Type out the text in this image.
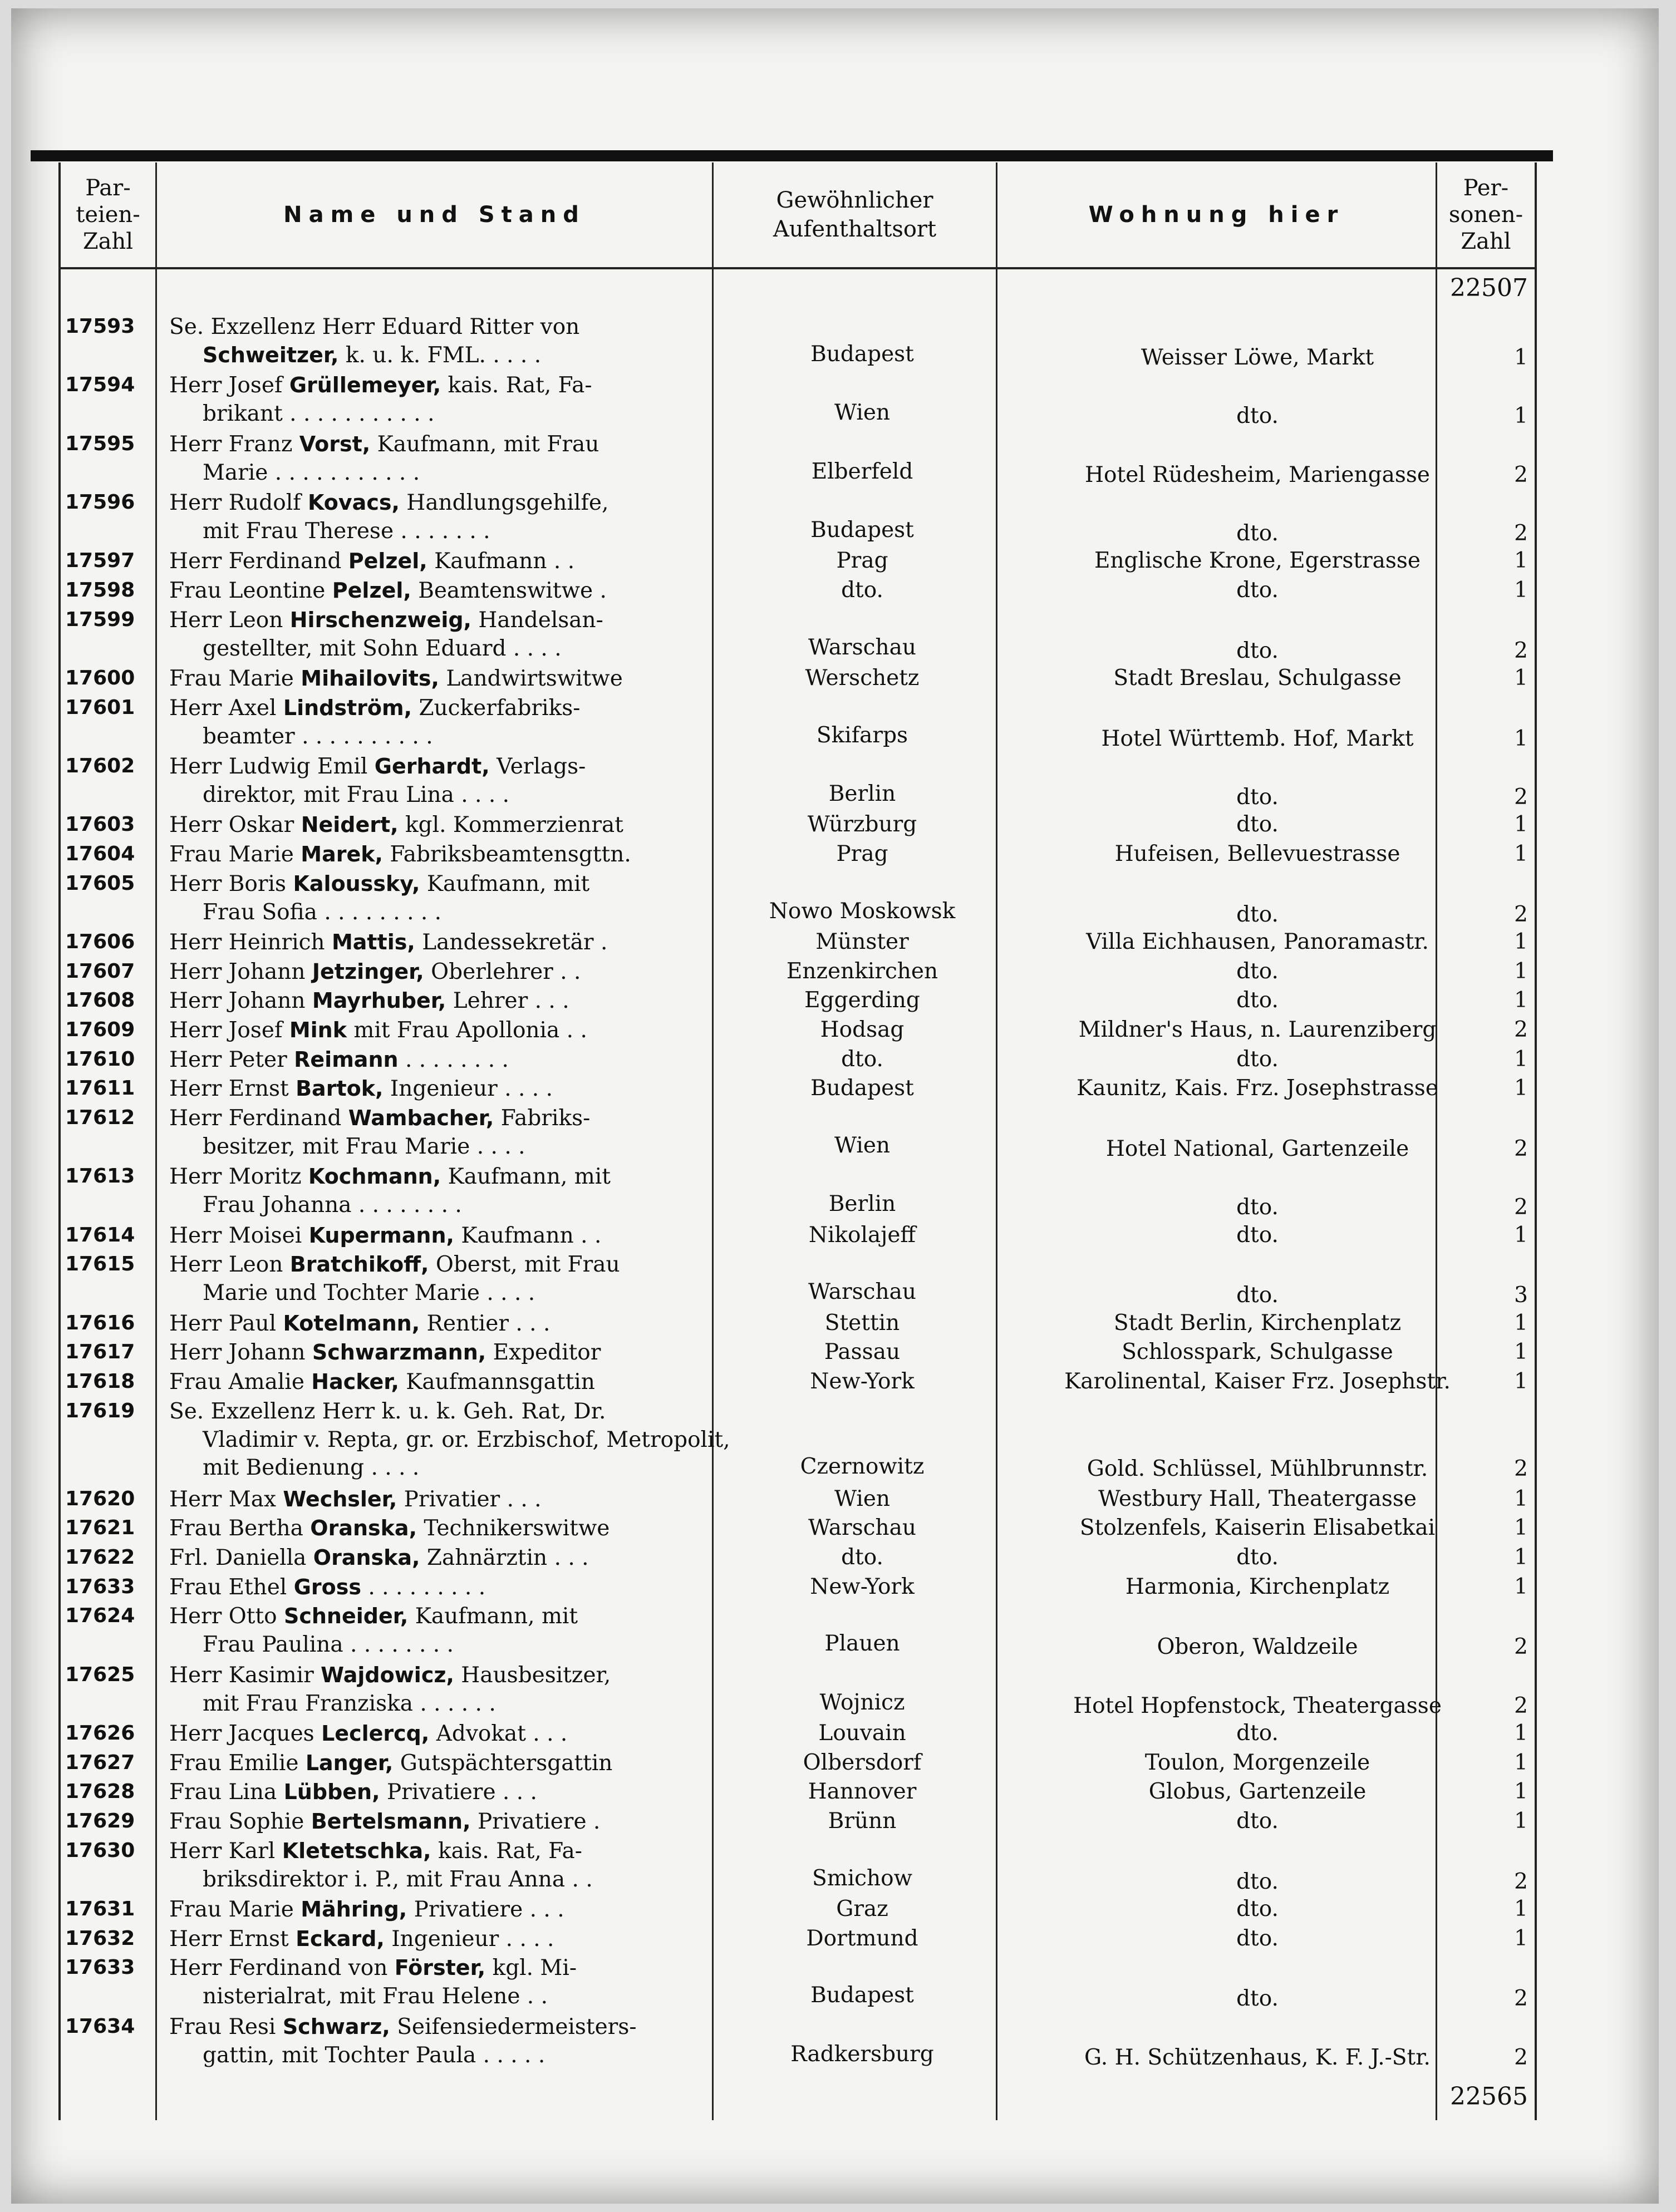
Par-
teien-
Zahl
Name und Stand
Gewöhnlicher
Aufenthaltsort
Wohnung hier
Per-
sonen-
Zahl
22507
17593 Se. Exzellenz Herr Eduard Ritter von
Schweitzer, k. u. k. FML. . . . .	Budapest	Weisser Löwe, Markt	1
17594 Herr Josef Grüllemeyer, kais. Rat, Fa-
brikant . . . . . . . . . . .	Wien	dto.	1
17595 Herr Franz Vorst, Kaufmann, mit Frau
Marie . . . . . . . . . . .	Elberfeld	Hotel Rüdesheim, Mariengasse	2
17596 Herr Rudolf Kovacs, Handlungsgehilfe,
mit Frau Therese . . . . . . .	Budapest	dto.	2
17597 Herr Ferdinand Pelzel, Kaufmann . .	Prag	Englische Krone, Egerstrasse	1
17598 Frau Leontine Pelzel, Beamtenswitwe .	dto.	dto.	1
17599 Herr Leon Hirschenzweig, Handelsan-
gestellter, mit Sohn Eduard . . . .	Warschau	dto.	2
17600 Frau Marie Mihailovits, Landwirtswitwe	Werschetz	Stadt Breslau, Schulgasse	1
17601 Herr Axel Lindström, Zuckerfabriks-
beamter . . . . . . . . . .	Skifarps	Hotel Württemb. Hof, Markt	1
17602 Herr Ludwig Emil Gerhardt, Verlags-
direktor, mit Frau Lina . . . .	Berlin	dto.	2
17603 Herr Oskar Neidert, kgl. Kommerzienrat	Würzburg	dto.	1
17604 Frau Marie Marek, Fabriksbeamtensgttn.	Prag	Hufeisen, Bellevuestrasse	1
17605 Herr Boris Kaloussky, Kaufmann, mit
Frau Sofia . . . . . . . . .	Nowo Moskowsk	dto.	2
17606 Herr Heinrich Mattis, Landessekretär .	Münster	Villa Eichhausen, Panoramastr.	1
17607 Herr Johann Jetzinger, Oberlehrer . .	Enzenkirchen	dto.	1
17608 Herr Johann Mayrhuber, Lehrer . . .	Eggerding	dto.	1
17609 Herr Josef Mink mit Frau Apollonia . .	Hodsag	Mildner's Haus, n. Laurenziberg	2
17610 Herr Peter Reimann . . . . . . . .	dto.	dto.	1
17611 Herr Ernst Bartok, Ingenieur . . . .	Budapest	Kaunitz, Kais. Frz. Josephstrasse	1
17612 Herr Ferdinand Wambacher, Fabriks-
besitzer, mit Frau Marie . . . .	Wien	Hotel National, Gartenzeile	2
17613 Herr Moritz Kochmann, Kaufmann, mit
Frau Johanna . . . . . . . .	Berlin	dto.	2
17614 Herr Moisei Kupermann, Kaufmann . .	Nikolajeff	dto.	1
17615 Herr Leon Bratchikoff, Oberst, mit Frau
Marie und Tochter Marie . . . .	Warschau	dto.	3
17616 Herr Paul Kotelmann, Rentier . . .	Stettin	Stadt Berlin, Kirchenplatz	1
17617 Herr Johann Schwarzmann, Expeditor	Passau	Schlosspark, Schulgasse	1
17618 Frau Amalie Hacker, Kaufmannsgattin	New-York	Karolinental, Kaiser Frz. Josephstr.	1
17619 Se. Exzellenz Herr k. u. k. Geh. Rat, Dr.
Vladimir v. Repta, gr. or. Erzbischof, Metropolit, mit Bedienung . . . .	Czernowitz	Gold. Schlüssel, Mühlbrunnstr.	2
17620 Herr Max Wechsler, Privatier . . .	Wien	Westbury Hall, Theatergasse	1
17621 Frau Bertha Oranska, Technikerswitwe	Warschau	Stolzenfels, Kaiserin Elisabetkai	1
17622 Frl. Daniella Oranska, Zahnärztin . . .	dto.	dto.	1
17633 Frau Ethel Gross . . . . . . . . .	New-York	Harmonia, Kirchenplatz	1
17624 Herr Otto Schneider, Kaufmann, mit
Frau Paulina . . . . . . . .	Plauen	Oberon, Waldzeile	2
17625 Herr Kasimir Wajdowicz, Hausbesitzer,
mit Frau Franziska . . . . . .	Wojnicz	Hotel Hopfenstock, Theatergasse	2
17626 Herr Jacques Leclercq, Advokat . . .	Louvain	dto.	1
17627 Frau Emilie Langer, Gutspächtersgattin	Olbersdorf	Toulon, Morgenzeile	1
17628 Frau Lina Lübben, Privatiere . . .	Hannover	Globus, Gartenzeile	1
17629 Frau Sophie Bertelsmann, Privatiere .	Brünn	dto.	1
17630 Herr Karl Kletetschka, kais. Rat, Fa-
briksdirektor i. P., mit Frau Anna . .	Smichow	dto.	2
17631 Frau Marie Mähring, Privatiere . . .	Graz	dto.	1
17632 Herr Ernst Eckard, Ingenieur . . . .	Dortmund	dto.	1
17633 Herr Ferdinand von Förster, kgl. Mi-
nisterialrat, mit Frau Helene . .	Budapest	dto.	2
17634 Frau Resi Schwarz, Seifensiedermeisters-
gattin, mit Tochter Paula . . . . .	Radkersburg	G. H. Schützenhaus, K. F. J.-Str.	2
22565
